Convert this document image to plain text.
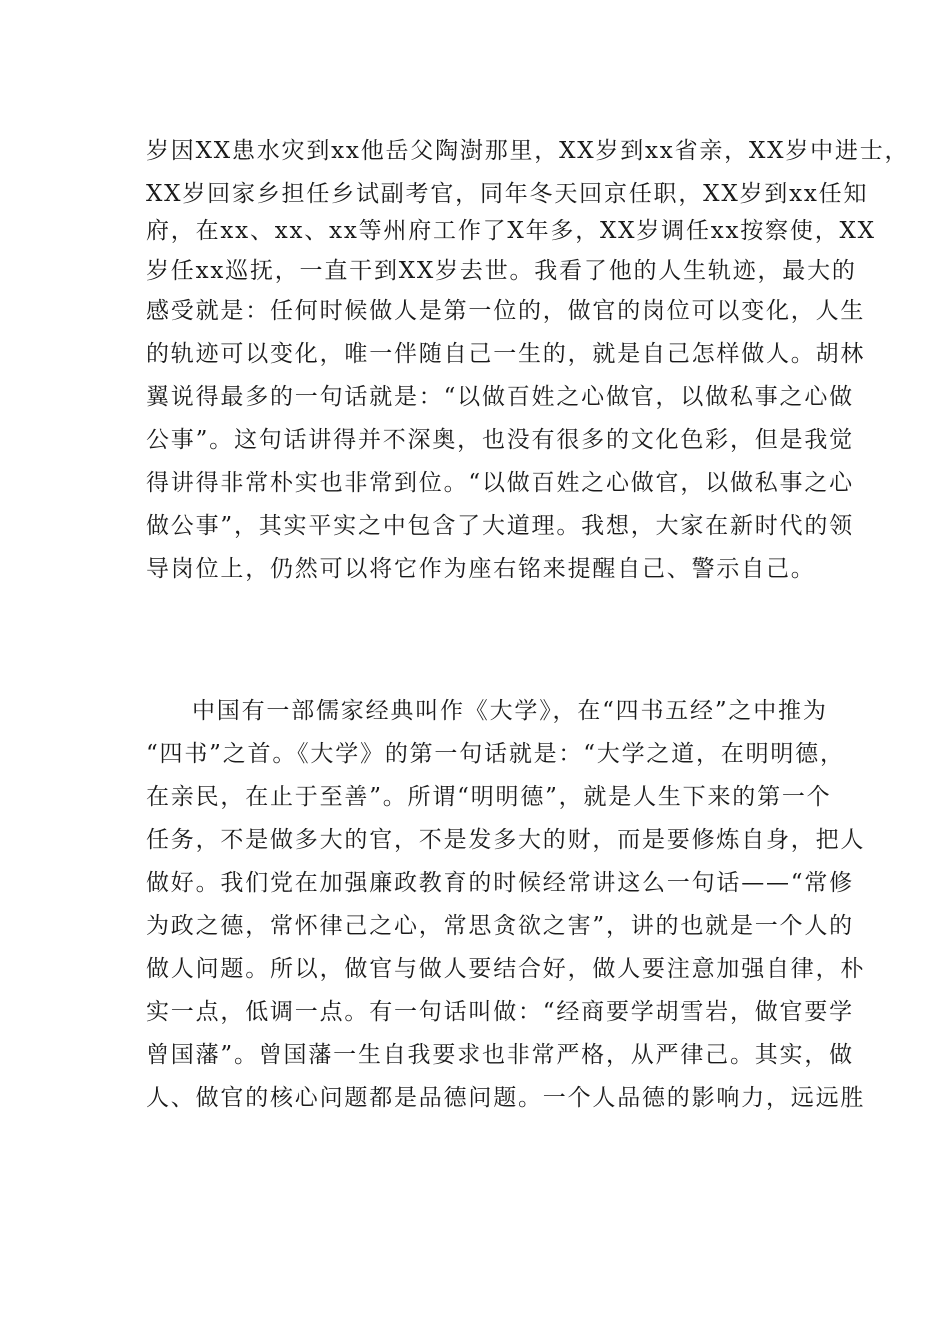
岁因XX患水灾到xx他岳父陶澍那里，XX岁到xx省亲，XX岁中进士，
XX岁回家乡担任乡试副考官，同年冬天回京任职，XX岁到xx任知
府，在xx、xx、xx等州府工作了X年多，XX岁调任xx按察使，XX
岁任xx巡抚，一直干到XX岁去世。我看了他的人生轨迹，最大的
感受就是：任何时候做人是第一位的，做官的岗位可以变化，人生
的轨迹可以变化，唯一伴随自己一生的，就是自己怎样做人。胡林
翼说得最多的一句话就是：“以做百姓之心做官，以做私事之心做
公事”。这句话讲得并不深奥，也没有很多的文化色彩，但是我觉
得讲得非常朴实也非常到位。“以做百姓之心做官，以做私事之心
做公事”，其实平实之中包含了大道理。我想，大家在新时代的领
导岗位上，仍然可以将它作为座右铭来提醒自己、警示自己。
中国有一部儒家经典叫作《大学》，在“四书五经”之中推为
“四书”之首。《大学》的第一句话就是：“大学之道，在明明德，
在亲民，在止于至善”。所谓“明明德”，就是人生下来的第一个
任务，不是做多大的官，不是发多大的财，而是要修炼自身，把人
做好。我们党在加强廉政教育的时候经常讲这么一句话——“常修
为政之德，常怀律己之心，常思贪欲之害”，讲的也就是一个人的
做人问题。所以，做官与做人要结合好，做人要注意加强自律，朴
实一点，低调一点。有一句话叫做：“经商要学胡雪岩，做官要学
曾国藩”。曾国藩一生自我要求也非常严格，从严律己。其实，做
人、做官的核心问题都是品德问题。一个人品德的影响力，远远胜
